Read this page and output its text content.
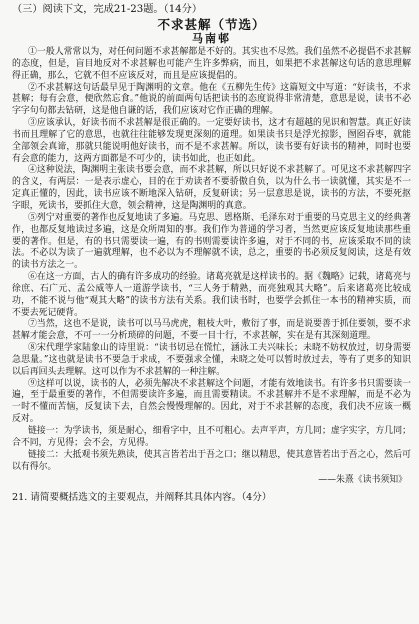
（三）阅读下文，完成21-23题。（14分）

不求甚解（节选）

马南邨

①一般人常常以为，对任何问题不求甚解都是不好的。其实也不尽然。我们虽然不必提倡不求甚解的态度，但是，盲目地反对不求甚解也可能产生许多弊病，而且，如果把不求甚解这句话的意思理解得正确，那么，它就不但不应该反对，而且是应该提倡的。

②不求甚解这句话最早见于陶渊明的文章。他在《五柳先生传》这篇短文中写道：“好读书，不求甚解；每有会意，便欣然忘食。”他说的前面两句话把读书的态度说得非常清楚，意思是说，读书不必字字句句都去钻研，这是他自谦的话，我们应该对它作正确的理解。

③应该承认，好读书而不求甚解是很正确的。一定要好读书，这才有超越的见识和智慧。真正好读书而且理解了它的意思，也就往往能够发现更深刻的道理。如果读书只是浮光掠影，囫囵吞枣，就能全部领会真谛，那就只能说明他好读书，而不是不求甚解。所以，读书要有好读书的精神，同时也要有会意的能力，这两方面都是不可少的，读书如此，也正如此。

④这种说法，陶渊明主张读书要会意，而不求甚解，所以只好说不求甚解了。可见这不求甚解四字的含义，有两层：一是表示虚心，目的在于劝读者不要骄傲自负，以为什么书一读就懂，其实是不一定真正懂的，因此，读书应该不断地深入钻研，反复研读；另一层意思是说，读书的方法，不要死抠字眼，死读书，要抓住大意，领会精神，这是陶渊明的真意。

⑤列宁对重要的著作也反复地读了多遍。马克思、恩格斯、毛泽东对于重要的马克思主义的经典著作，也都反复地读过多遍，这是众所周知的事。我们作为普通的学习者，当然更应该反复地读那些重要的著作。但是，有的书只需要读一遍，有的书则需要读许多遍，对于不同的书，应该采取不同的读法。不必以为读了一遍就理解，也不必以为不理解就不读，总之，重要的书必须反复阅读，这是有效的读书方法之一。

⑥在这一方面，古人的确有许多成功的经验。诸葛亮就是这样读书的。据《魏略》记载，诸葛亮与徐庶、石广元、孟公威等人一道游学读书，“三人务于精熟，而亮独观其大略”。后来诸葛亮比较成功，不能不说与他“观其大略”的读书方法有关系。我们读书时，也要学会抓住一本书的精神实质，而不要去死记硬背。

⑦当然，这也不是说，读书可以马马虎虎，粗枝大叶，敷衍了事，而是说要善于抓住要领，要不求甚解才能会意，不可一一分析琐碎的问题，不要一目十行，不求甚解，实在是有其深刻道理。

⑧宋代理学家陆象山的诗里说：“读书切忌在慌忙，涵泳工夫兴味长；未晓不妨权放过，切身需要急思量。”这也就是读书不要急于求成，不要强求全懂，未晓之处可以暂时放过去，等有了更多的知识以后再回头去理解。这可以作为不求甚解的一种注解。

⑨这样可以说，读书的人，必须先解决不求甚解这个问题，才能有效地读书。有许多书只需要读一遍，至于最重要的著作，不但需要读许多遍，而且需要精读。不求甚解并不是不求理解，而是不必为一时不懂而苦恼，反复读下去，自然会慢慢理解的。因此，对于不求甚解的态度，我们决不应该一概反对。

链接一：为学读书，须是耐心，细看字中，且不可粗心。去声平声，方几同；虚字实字，方几同；合不同，方见得；会不会，方见得。

链接二：大抵观书须先熟读，使其言皆若出于吾之口；继以精思，使其意皆若出于吾之心，然后可以有得尔。

——朱熹《读书须知》

21. 请简要概括选文的主要观点，并阐释其具体内容。（4分）
